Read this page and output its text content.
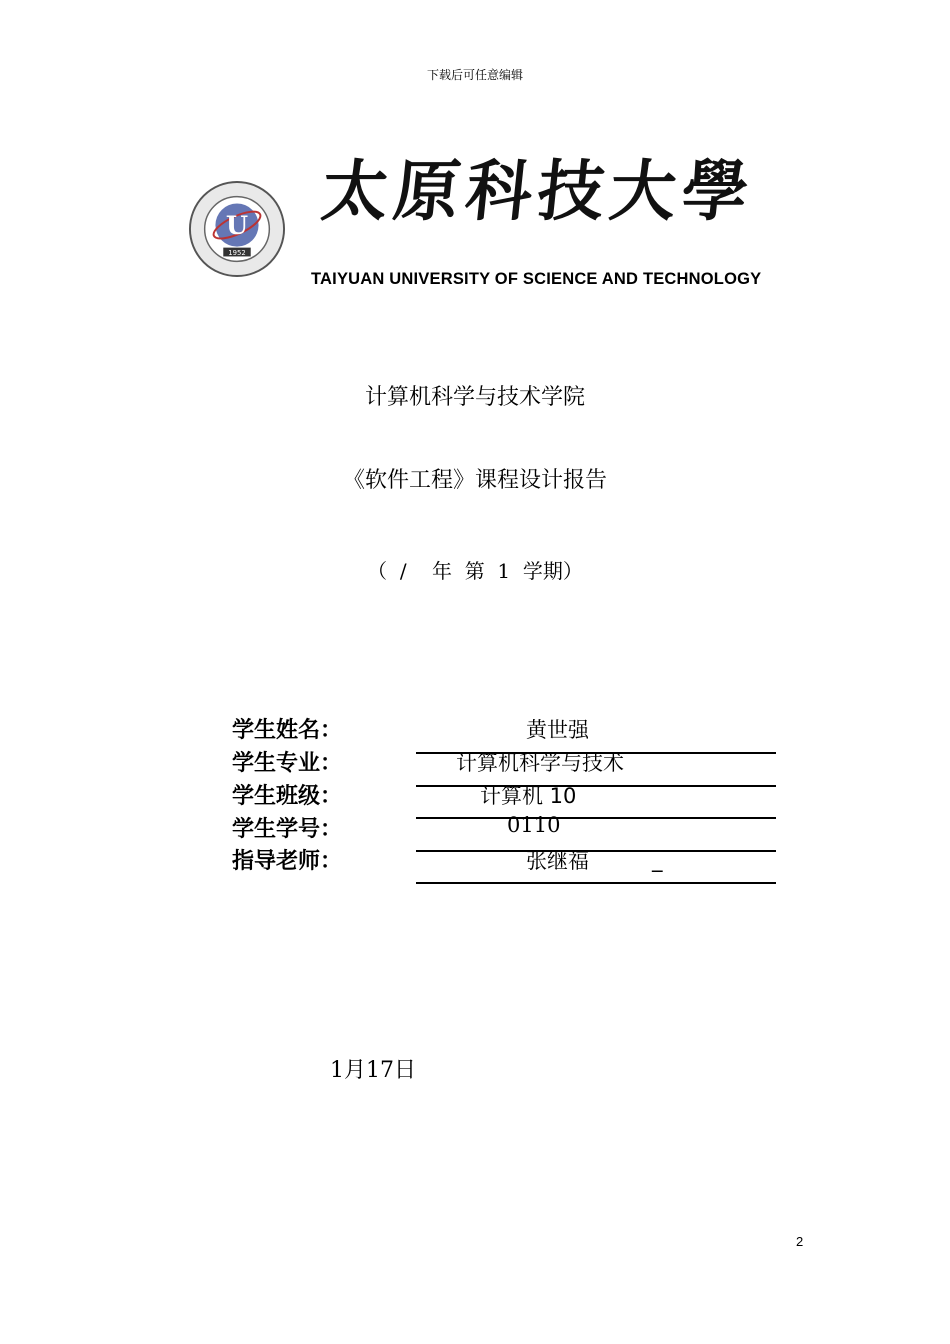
下载后可任意编辑
U
1952
太原科技大學
TAIYUAN UNIVERSITY OF SCIENCE AND TECHNOLOGY
计算机科学与技术学院
《软件工程》课程设计报告
（  /    年  第  1  学期）
学生姓名：	黄世强
学生专业：	计算机科学与技术
学生班级：	计算机 10
学生学号：	0110
指导老师：	张继福	_
1月17日
2
